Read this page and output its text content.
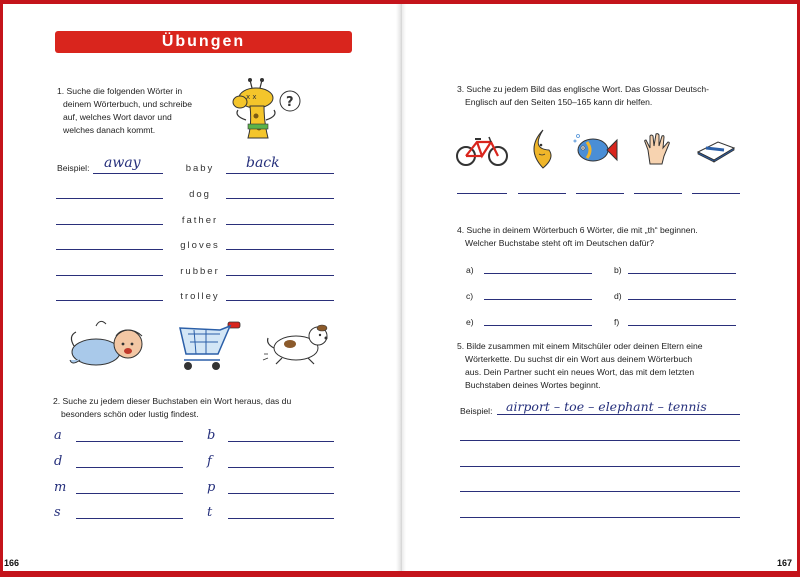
Übungen
1. Suche die folgenden Wörter in
deinem Wörterbuch, und schreibe
auf, welches Wort davor und
welches danach kommt.
x x ?
Beispiel: away	baby	back
dog
father
gloves
rubber
trolley
2. Suche zu jedem dieser Buchstaben ein Wort heraus, das du
besonders schön oder lustig findest.
a	b
d	f
m	p
s	t
166
3. Suche zu jedem Bild das englische Wort. Das Glossar Deutsch-
Englisch auf den Seiten 150–165 kann dir helfen.
4. Suche in deinem Wörterbuch 6 Wörter, die mit „th“ beginnen.
Welcher Buchstabe steht oft im Deutschen dafür?
a)	b)
c)	d)
e)	f)
5. Bilde zusammen mit einem Mitschüler oder deinen Eltern eine
Wörterkette. Du suchst dir ein Wort aus deinem Wörterbuch
aus. Dein Partner sucht ein neues Wort, das mit dem letzten
Buchstaben deines Wortes beginnt.
Beispiel: airport – toe – elephant – tennis
167
